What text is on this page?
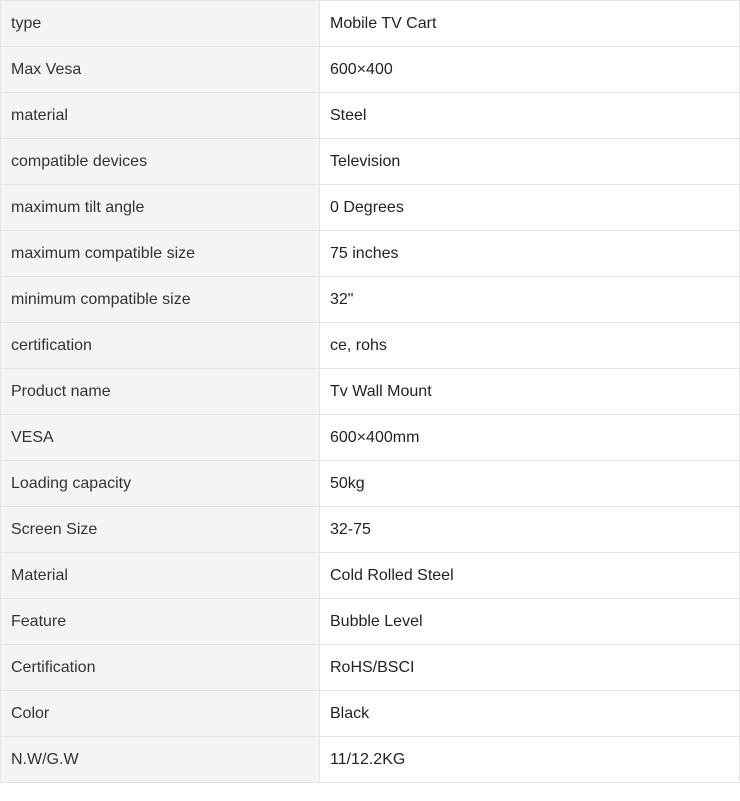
type	Mobile TV Cart
Max Vesa	600×400
material	Steel
compatible devices	Television
maximum tilt angle	0 Degrees
maximum compatible size	75 inches
minimum compatible size	32"
certification	ce, rohs
Product name	Tv Wall Mount
VESA	600×400mm
Loading capacity	50kg
Screen Size	32-75
Material	Cold Rolled Steel
Feature	Bubble Level
Certification	RoHS/BSCI
Color	Black
N.W/G.W	11/12.2KG
